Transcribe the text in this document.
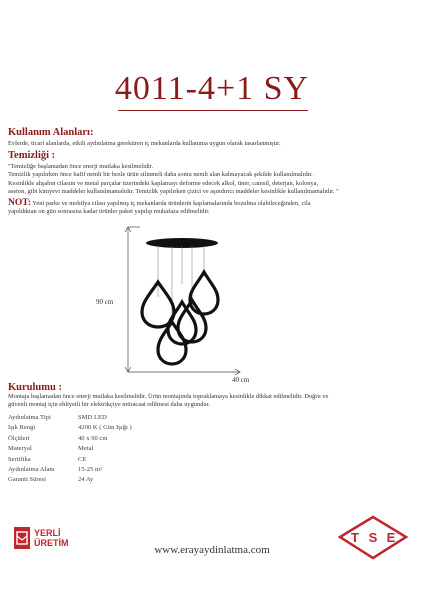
4011-4+1 SY
Kullanım Alanları:
Evlerde, ticari alanlarda, etkili aydınlatma gerektiren iç mekanlarda kullanıma uygun olarak tasarlanmıştır.
Temizliği :
"Temizliğe başlamadan önce enerji mutlaka kesilmelidir.
Temizlik yapılırken önce hafif nemli bir bezle ürün silinmeli daha sonra nemli alan kalmayacak şekilde kullanılmalıdır.
Kesinlikle ahşabın cilasını ve metal parçalar üzerindeki kaplamayı deforme edecek alkol, tiner, camsil, deterjan, kolonya,
aseton, gibi kimyevi maddeler kullanılmamalıdır. Temizlik yapılırken çizici ve aşındırıcı maddeler kesinlikle kullanılmamalıdır. "
NOT: Yeni parke ve mobilya cilası yapılmış iç mekanlarda ürünlerin kaplamalarında bozulma olabileceğinden, cila
yapıldıktan on gün sonrasına kadar ürünler paket yapılıp muhafaza edilmelidir.
90 cm
40 cm
Kurulumu :
Montaja başlamadan önce enerji mutlaka kesilmelidir. Ürün montajında topraklamaya kesinlikle dikkat edilmelidir. Doğru ve
güvenli montaj için ehliyetli bir elektrikçiye müracaat edilmesi daha uygundur.
Aydınlatma Tipi	SMD LED
Işık Rengi	4200 K ( Gün Işığı )
Ölçüleri	40 x 90 cm
Materyal	Metal
Sertifika	CE
Aydınlatma Alanı	15-25 m²
Garanti Süresi	24 Ay
YERLİ
ÜRETİM
www.erayaydinlatma.com
T S E
